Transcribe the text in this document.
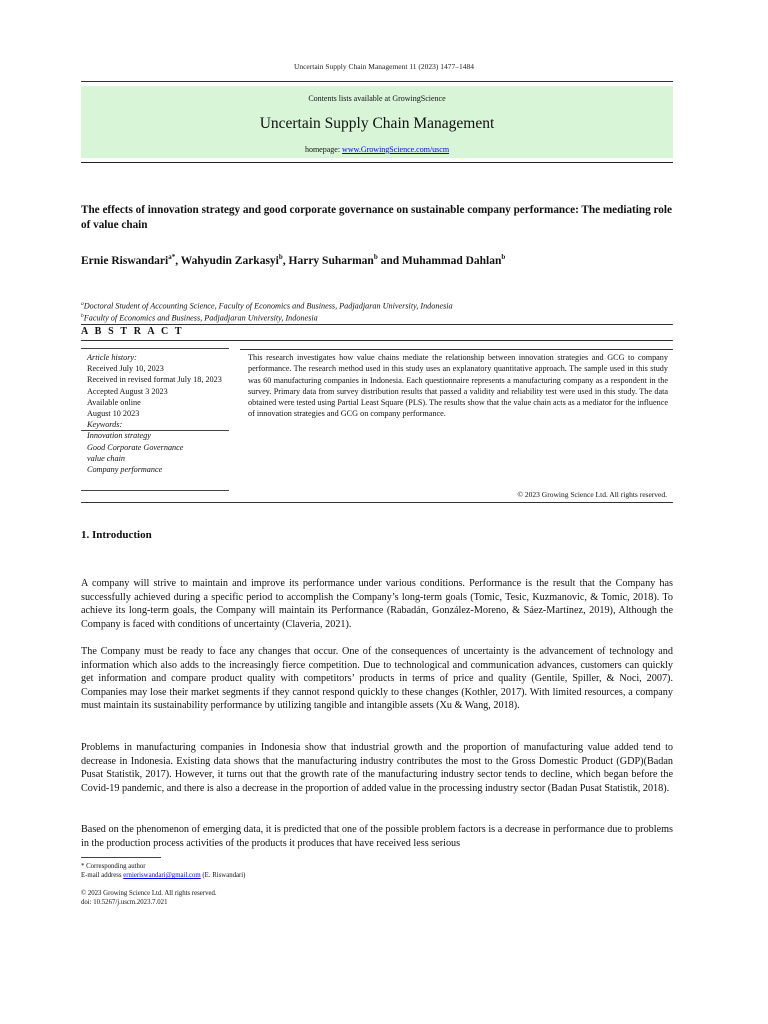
Uncertain Supply Chain Management 11 (2023) 1477–1484
Contents lists available at GrowingScience
Uncertain Supply Chain Management
homepage: www.GrowingScience.com/uscm
The effects of innovation strategy and good corporate governance on sustainable company performance: The mediating role of value chain
Ernie Riswandari$^{a*}$, Wahyudin Zarkasyi$^b$, Harry Suharman$^b$ and Muhammad Dahlan$^b$
$^a$Doctoral Student of Accounting Science, Faculty of Economics and Business, Padjadjaran University, Indonesia
$^b$Faculty of Economics and Business, Padjadjaran University, Indonesia
A B S T R A C T
Article history:
Received July 10, 2023
Received in revised format July 18, 2023
Accepted August 3 2023
Available online
August 10 2023
Keywords:
Innovation strategy
Good Corporate Governance
value chain
Company performance
This research investigates how value chains mediate the relationship between innovation strategies and GCG to company performance. The research method used in this study uses an explanatory quantitative approach. The sample used in this study was 60 manufacturing companies in Indonesia. Each questionnaire represents a manufacturing company as a respondent in the survey. Primary data from survey distribution results that passed a validity and reliability test were used in this study. The data obtained were tested using Partial Least Square (PLS). The results show that the value chain acts as a mediator for the influence of innovation strategies and GCG on company performance.
© 2023 Growing Science Ltd. All rights reserved.
1. Introduction
A company will strive to maintain and improve its performance under various conditions. Performance is the result that the Company has successfully achieved during a specific period to accomplish the Company’s long-term goals (Tomic, Tesic, Kuzmanovic, & Tomic, 2018). To achieve its long-term goals, the Company will maintain its Performance (Rabadán, González-Moreno, & Sáez-Martínez, 2019), Although the Company is faced with conditions of uncertainty (Claveria, 2021).
The Company must be ready to face any changes that occur. One of the consequences of uncertainty is the advancement of technology and information which also adds to the increasingly fierce competition. Due to technological and communication advances, customers can quickly get information and compare product quality with competitors’ products in terms of price and quality (Gentile, Spiller, & Noci, 2007). Companies may lose their market segments if they cannot respond quickly to these changes (Kothler, 2017). With limited resources, a company must maintain its sustainability performance by utilizing tangible and intangible assets (Xu & Wang, 2018).
Problems in manufacturing companies in Indonesia show that industrial growth and the proportion of manufacturing value added tend to decrease in Indonesia. Existing data shows that the manufacturing industry contributes the most to the Gross Domestic Product (GDP)(Badan Pusat Statistik, 2017). However, it turns out that the growth rate of the manufacturing industry sector tends to decline, which began before the Covid-19 pandemic, and there is also a decrease in the proportion of added value in the processing industry sector (Badan Pusat Statistik, 2018).
Based on the phenomenon of emerging data, it is predicted that one of the possible problem factors is a decrease in performance due to problems in the production process activities of the products it produces that have received less serious
* Corresponding author
E-mail address ernieriswandari@gmail.com (E. Riswandari)
© 2023 Growing Science Ltd. All rights reserved.
doi: 10.5267/j.uscm.2023.7.021
